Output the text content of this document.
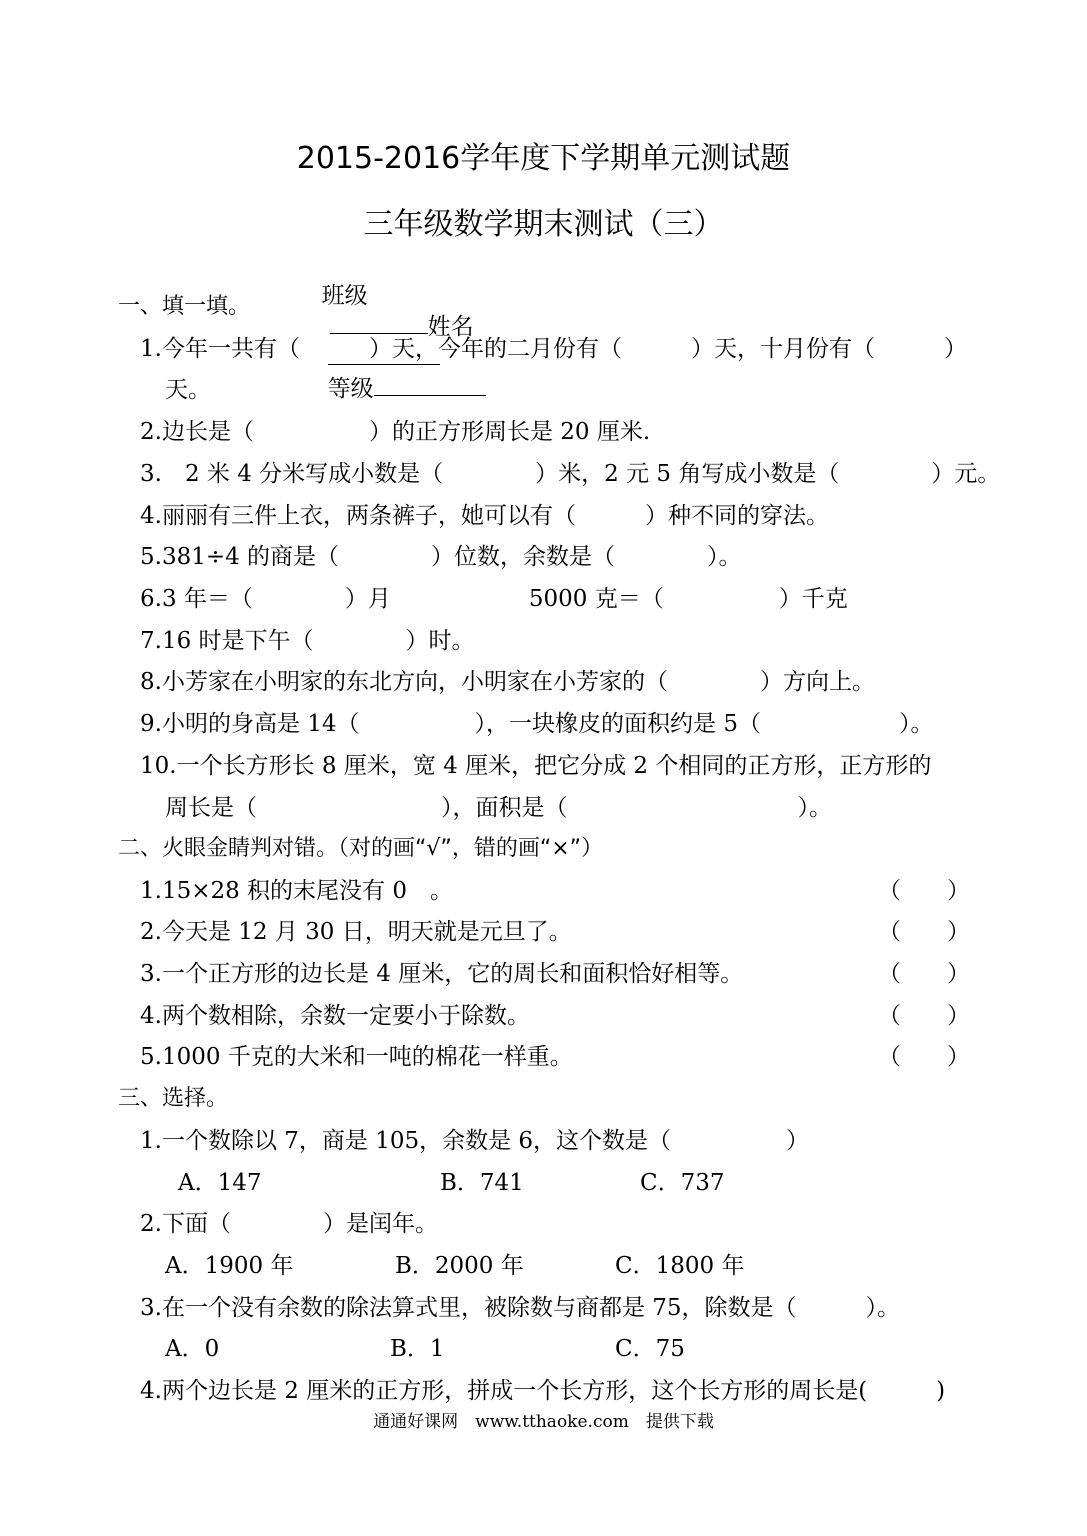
2015-2016学年度下学期单元测试题
三年级数学期末测试（三）

班级
姓名

等级

一、填一填。
1.今年一共有（　　　）天，今年的二月份有（　　　）天，十月份有（　　　）
天。
2.边长是（　　　　　）的正方形周长是 20 厘米.
3.　2 米 4 分米写成小数是（　　　　）米，2 元 5 角写成小数是（　　　　）元。
4.丽丽有三件上衣，两条裤子，她可以有（　　　）种不同的穿法。
5.381÷4 的商是（　　　　）位数，余数是（　　　　）。
6.3 年＝（　　　　）月　　　　　　5000 克＝（　　　　　）千克
7.16 时是下午（　　　　）时。
8.小芳家在小明家的东北方向，小明家在小芳家的（　　　　）方向上。
9.小明的身高是 14（　　　　　），一块橡皮的面积约是 5（　　　　　　）。
10.一个长方形长 8 厘米，宽 4 厘米，把它分成 2 个相同的正方形，正方形的
周长是（　　　　　　　　），面积是（　　　　　　　　　　）。
二、火眼金睛判对错。（对的画“√”，错的画“×”）
1.15×28 积的末尾没有 0　。	（　　）
2.今天是 12 月 30 日，明天就是元旦了。	（　　）
3.一个正方形的边长是 4 厘米，它的周长和面积恰好相等。	（　　）
4.两个数相除，余数一定要小于除数。	（　　）
5.1000 千克的大米和一吨的棉花一样重。	（　　）
三、选择。
1.一个数除以 7，商是 105，余数是 6，这个数是（　　　　　）
A．147	B．741	C．737
2.下面（　　　　）是闰年。
A．1900 年	B．2000 年	C．1800 年
3.在一个没有余数的除法算式里，被除数与商都是 75，除数是（　　　）。
A．0	B．1	C．75
4.两个边长是 2 厘米的正方形，拼成一个长方形，这个长方形的周长是(　　　)
通通好课网　www.tthaoke.com　提供下载
